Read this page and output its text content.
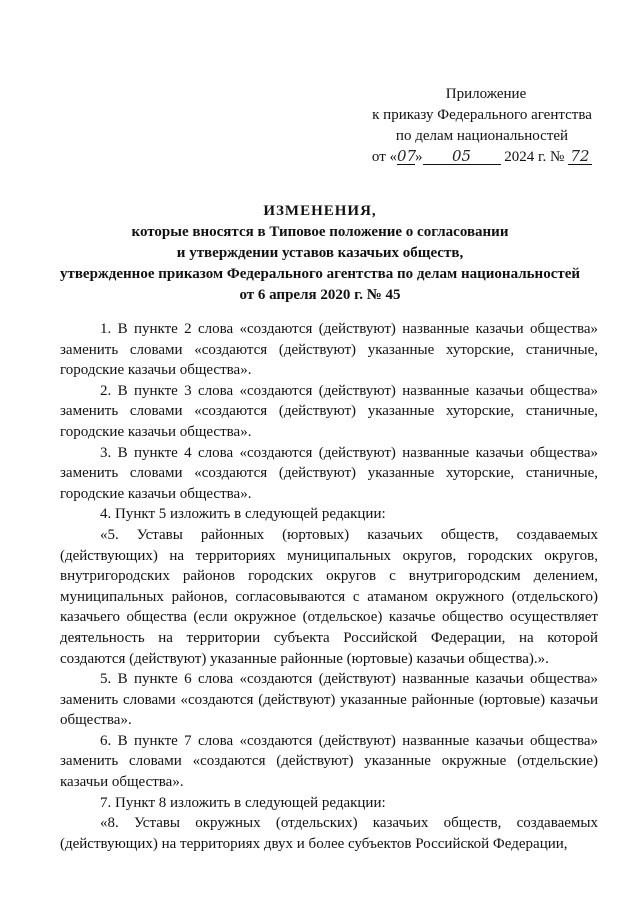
Приложение
к приказу Федерального агентства
по делам национальностей
от «07» 05 2024 г. № 72
ИЗМЕНЕНИЯ,
которые вносятся в Типовое положение о согласовании
и утверждении уставов казачьих обществ,
утвержденное приказом Федерального агентства по делам национальностей
от 6 апреля 2020 г. № 45

1. В пункте 2 слова «создаются (действуют) названные казачьи общества» заменить словами «создаются (действуют) указанные хуторские, станичные, городские казачьи общества».

2. В пункте 3 слова «создаются (действуют) названные казачьи общества» заменить словами «создаются (действуют) указанные хуторские, станичные, городские казачьи общества».

3. В пункте 4 слова «создаются (действуют) названные казачьи общества» заменить словами «создаются (действуют) указанные хуторские, станичные, городские казачьи общества».

4. Пункт 5 изложить в следующей редакции:

«5. Уставы районных (юртовых) казачьих обществ, создаваемых (действующих) на территориях муниципальных округов, городских округов, внутригородских районов городских округов с внутригородским делением, муниципальных районов, согласовываются с атаманом окружного (отдельского) казачьего общества (если окружное (отдельское) казачье общество осуществляет деятельность на территории субъекта Российской Федерации, на которой создаются (действуют) указанные районные (юртовые) казачьи общества).».

5. В пункте 6 слова «создаются (действуют) названные казачьи общества» заменить словами «создаются (действуют) указанные районные (юртовые) казачьи общества».

6. В пункте 7 слова «создаются (действуют) названные казачьи общества» заменить словами «создаются (действуют) указанные окружные (отдельские) казачьи общества».

7. Пункт 8 изложить в следующей редакции:

«8. Уставы окружных (отдельских) казачьих обществ, создаваемых (действующих) на территориях двух и более субъектов Российской Федерации,
